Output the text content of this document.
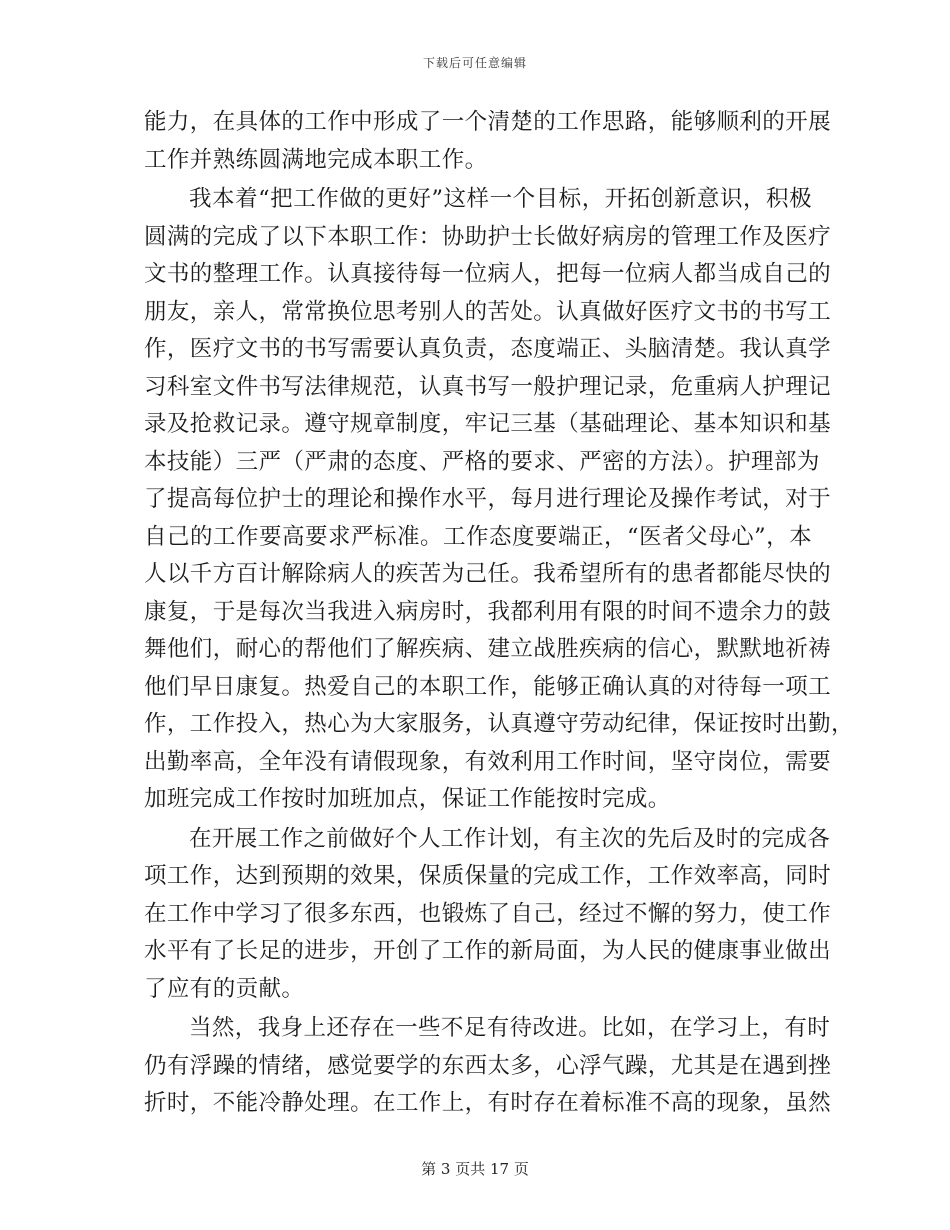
下载后可任意编辑
能力，在具体的工作中形成了一个清楚的工作思路，能够顺利的开展
工作并熟练圆满地完成本职工作。
我本着“把工作做的更好”这样一个目标，开拓创新意识，积极
圆满的完成了以下本职工作：协助护士长做好病房的管理工作及医疗
文书的整理工作。认真接待每一位病人，把每一位病人都当成自己的
朋友，亲人，常常换位思考别人的苦处。认真做好医疗文书的书写工
作，医疗文书的书写需要认真负责，态度端正、头脑清楚。我认真学
习科室文件书写法律规范，认真书写一般护理记录，危重病人护理记
录及抢救记录。遵守规章制度，牢记三基（基础理论、基本知识和基
本技能）三严（严肃的态度、严格的要求、严密的方法）。护理部为
了提高每位护士的理论和操作水平，每月进行理论及操作考试，对于
自己的工作要高要求严标准。工作态度要端正，“医者父母心”，本
人以千方百计解除病人的疾苦为己任。我希望所有的患者都能尽快的
康复，于是每次当我进入病房时，我都利用有限的时间不遗余力的鼓
舞他们，耐心的帮他们了解疾病、建立战胜疾病的信心，默默地祈祷
他们早日康复。热爱自己的本职工作，能够正确认真的对待每一项工
作，工作投入，热心为大家服务，认真遵守劳动纪律，保证按时出勤，
出勤率高，全年没有请假现象，有效利用工作时间，坚守岗位，需要
加班完成工作按时加班加点，保证工作能按时完成。
在开展工作之前做好个人工作计划，有主次的先后及时的完成各
项工作，达到预期的效果，保质保量的完成工作，工作效率高，同时
在工作中学习了很多东西，也锻炼了自己，经过不懈的努力，使工作
水平有了长足的进步，开创了工作的新局面，为人民的健康事业做出
了应有的贡献。
当然，我身上还存在一些不足有待改进。比如，在学习上，有时
仍有浮躁的情绪，感觉要学的东西太多，心浮气躁，尤其是在遇到挫
折时，不能冷静处理。在工作上，有时存在着标准不高的现象，虽然
第 3 页共 17 页
